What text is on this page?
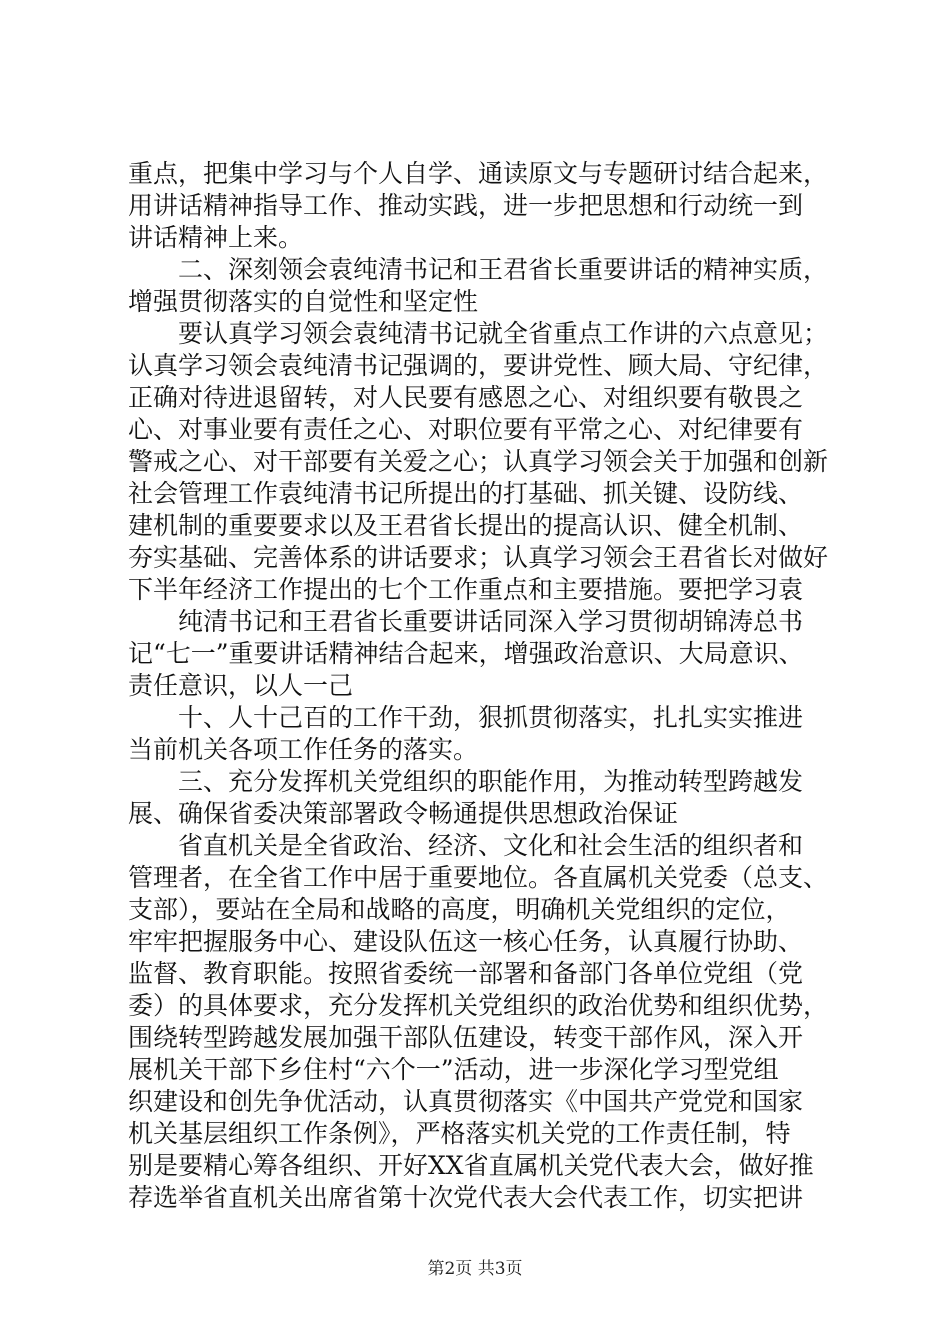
重点，把集中学习与个人自学、通读原文与专题研讨结合起来，

用讲话精神指导工作、推动实践，进一步把思想和行动统一到

讲话精神上来。

　　二、深刻领会袁纯清书记和王君省长重要讲话的精神实质，

增强贯彻落实的自觉性和坚定性

　　要认真学习领会袁纯清书记就全省重点工作讲的六点意见；

认真学习领会袁纯清书记强调的，要讲党性、顾大局、守纪律，

正确对待进退留转，对人民要有感恩之心、对组织要有敬畏之

心、对事业要有责任之心、对职位要有平常之心、对纪律要有

警戒之心、对干部要有关爱之心；认真学习领会关于加强和创新

社会管理工作袁纯清书记所提出的打基础、抓关键、设防线、

建机制的重要要求以及王君省长提出的提高认识、健全机制、

夯实基础、完善体系的讲话要求；认真学习领会王君省长对做好

下半年经济工作提出的七个工作重点和主要措施。要把学习袁

　　纯清书记和王君省长重要讲话同深入学习贯彻胡锦涛总书

记“七一”重要讲话精神结合起来，增强政治意识、大局意识、

责任意识，以人一己

　　十、人十己百的工作干劲，狠抓贯彻落实，扎扎实实推进

当前机关各项工作任务的落实。

　　三、充分发挥机关党组织的职能作用，为推动转型跨越发

展、确保省委决策部署政令畅通提供思想政治保证

　　省直机关是全省政治、经济、文化和社会生活的组织者和

管理者，在全省工作中居于重要地位。各直属机关党委（总支、

支部），要站在全局和战略的高度，明确机关党组织的定位，

牢牢把握服务中心、建设队伍这一核心任务，认真履行协助、

监督、教育职能。按照省委统一部署和备部门各单位党组（党

委）的具体要求，充分发挥机关党组织的政治优势和组织优势，

围绕转型跨越发展加强干部队伍建设，转变干部作风，深入开

展机关干部下乡住村“六个一”活动，进一步深化学习型党组

织建设和创先争优活动，认真贯彻落实《中国共产党党和国家

机关基层组织工作条例》，严格落实机关党的工作责任制，特

别是要精心筹各组织、开好XX省直属机关党代表大会，做好推

荐选举省直机关出席省第十次党代表大会代表工作，切实把讲

第2页 共3页
